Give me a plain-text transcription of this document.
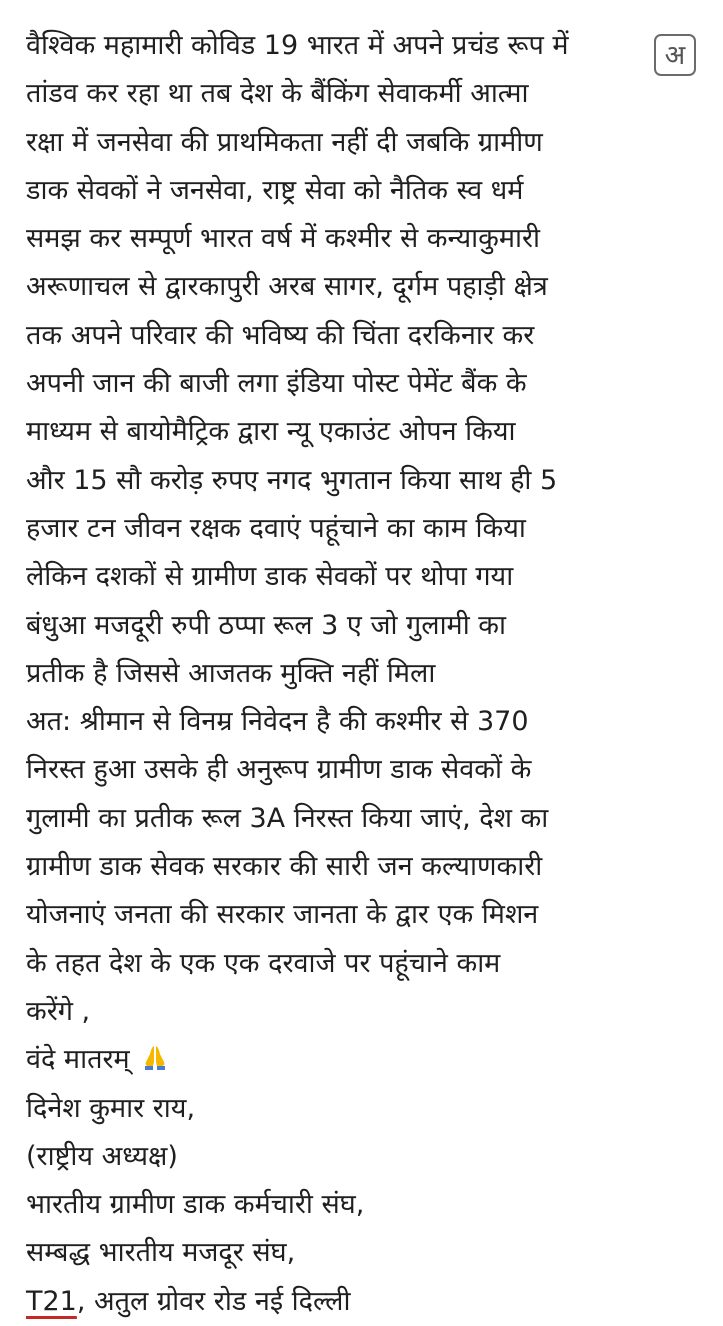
वैश्विक महामारी कोविड 19 भारत में अपने प्रचंड रूप में
तांडव कर रहा था तब देश के बैंकिंग सेवाकर्मी आत्मा
रक्षा में जनसेवा की प्राथमिकता नहीं दी जबकि ग्रामीण
डाक सेवकों ने जनसेवा, राष्ट्र सेवा को नैतिक स्व धर्म
समझ कर सम्पूर्ण भारत वर्ष में कश्मीर से कन्याकुमारी
अरूणाचल से द्वारकापुरी अरब सागर, दूर्गम पहाड़ी क्षेत्र
तक अपने परिवार की भविष्य की चिंता दरकिनार कर
अपनी जान की बाजी लगा इंडिया पोस्ट पेमेंट बैंक के
माध्यम से बायोमैट्रिक द्वारा न्यू एकाउंट ओपन किया
और 15 सौ करोड़ रुपए नगद भुगतान किया साथ ही 5
हजार टन जीवन रक्षक दवाएं पहूंचाने का काम किया
लेकिन दशकों से ग्रामीण डाक सेवकों पर थोपा गया
बंधुआ मजदूरी रुपी ठप्पा रूल 3 ए जो गुलामी का
प्रतीक है जिससे आजतक मुक्ति नहीं मिला
अत: श्रीमान से विनम्र निवेदन है की कश्मीर से 370
निरस्त हुआ उसके ही अनुरूप ग्रामीण डाक सेवकों के
गुलामी का प्रतीक रूल 3A निरस्त किया जाएं, देश का
ग्रामीण डाक सेवक सरकार की सारी जन कल्याणकारी
योजनाएं जनता की सरकार जानता के द्वार एक मिशन
के तहत देश के एक एक दरवाजे पर पहूंचाने काम
करेंगे ,
वंदे मातरम्
दिनेश कुमार राय,
(राष्ट्रीय अध्यक्ष)
भारतीय ग्रामीण डाक कर्मचारी संघ,
सम्बद्ध भारतीय मजदूर संघ,
T21, अतुल ग्रोवर रोड नई दिल्ली
अ
